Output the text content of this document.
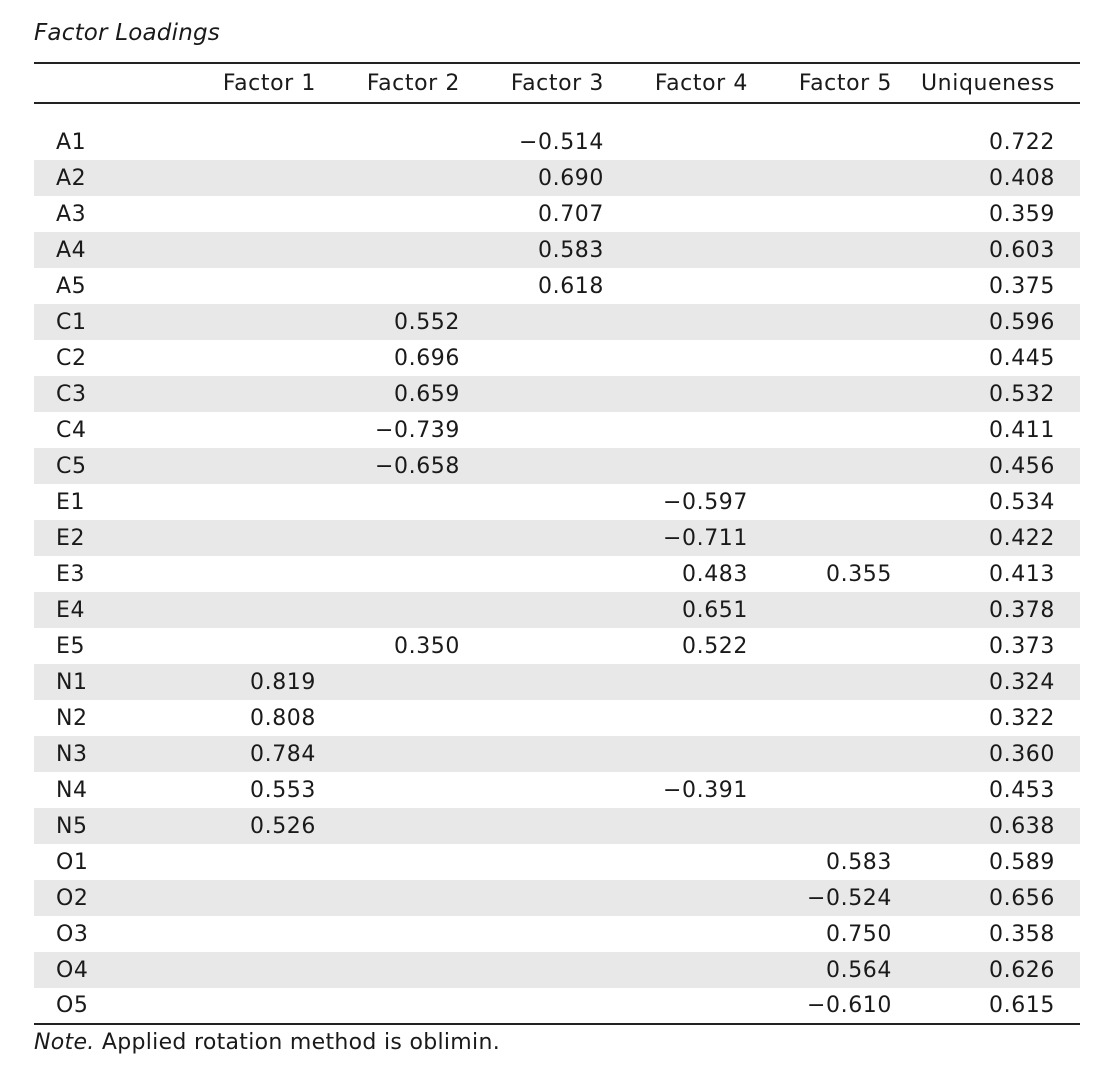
Factor Loadings
	Factor 1	Factor 2	Factor 3	Factor 4	Factor 5	Uniqueness

A1			−0.514			0.722
A2			0.690			0.408
A3			0.707			0.359
A4			0.583			0.603
A5			0.618			0.375
C1		0.552				0.596
C2		0.696				0.445
C3		0.659				0.532
C4		−0.739				0.411
C5		−0.658				0.456
E1				−0.597		0.534
E2				−0.711		0.422
E3				0.483	0.355	0.413
E4				0.651		0.378
E5		0.350		0.522		0.373
N1	0.819					0.324
N2	0.808					0.322
N3	0.784					0.360
N4	0.553			−0.391		0.453
N5	0.526					0.638
O1					0.583	0.589
O2					−0.524	0.656
O3					0.750	0.358
O4					0.564	0.626
O5					−0.610	0.615
Note. Applied rotation method is oblimin.
